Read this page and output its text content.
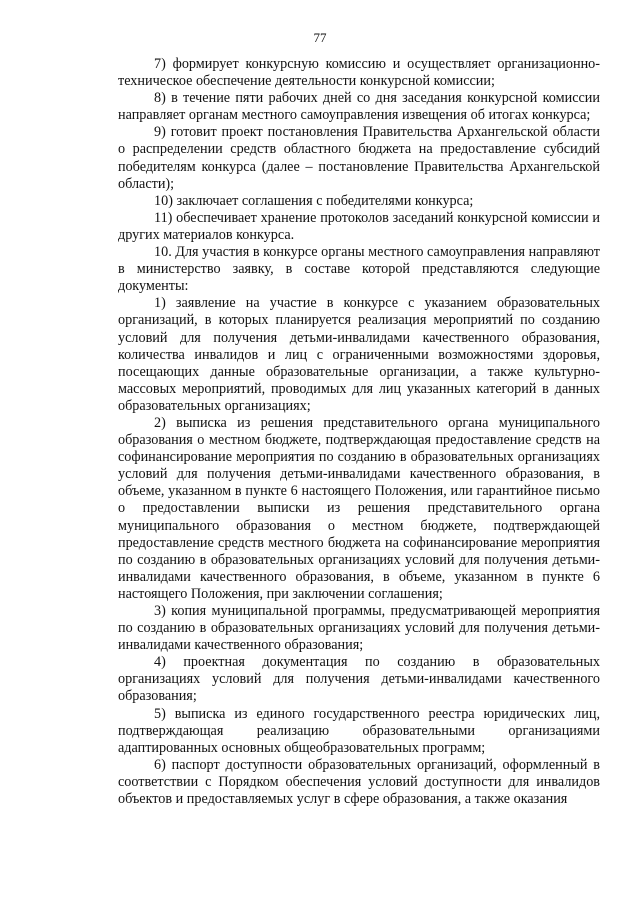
77

7) формирует конкурсную комиссию и осуществляет организационно-техническое обеспечение деятельности конкурсной комиссии;

8) в течение пяти рабочих дней со дня заседания конкурсной комиссии направляет органам местного самоуправления извещения об итогах конкурса;

9) готовит проект постановления Правительства Архангельской области о распределении средств областного бюджета на предоставление субсидий победителям конкурса (далее – постановление Правительства Архангельской области);

10) заключает соглашения с победителями конкурса;

11) обеспечивает хранение протоколов заседаний конкурсной комиссии и других материалов конкурса.

10. Для участия в конкурсе органы местного самоуправления направляют в министерство заявку, в составе которой представляются следующие документы:

1) заявление на участие в конкурсе с указанием образовательных организаций, в которых планируется реализация мероприятий по созданию условий для получения детьми-инвалидами качественного образования, количества инвалидов и лиц с ограниченными возможностями здоровья, посещающих данные образовательные организации, а также культурно-массовых мероприятий, проводимых для лиц указанных категорий в данных образовательных организациях;

2) выписка из решения представительного органа муниципального образования о местном бюджете, подтверждающая предоставление средств на софинансирование мероприятия по созданию в образовательных организациях условий для получения детьми-инвалидами качественного образования, в объеме, указанном в пункте 6 настоящего Положения, или гарантийное письмо о предоставлении выписки из решения представительного органа муниципального образования о местном бюджете, подтверждающей предоставление средств местного бюджета на софинансирование мероприятия по созданию в образовательных организациях условий для получения детьми-инвалидами качественного образования, в объеме, указанном в пункте 6 настоящего Положения, при заключении соглашения;

3) копия муниципальной программы, предусматривающей мероприятия по созданию в образовательных организациях условий для получения детьми-инвалидами качественного образования;

4) проектная документация по созданию в образовательных организациях условий для получения детьми-инвалидами качественного образования;

5) выписка из единого государственного реестра юридических лиц, подтверждающая реализацию образовательными организациями адаптированных основных общеобразовательных программ;

6) паспорт доступности образовательных организаций, оформленный в соответствии с Порядком обеспечения условий доступности для инвалидов объектов и предоставляемых услуг в сфере образования, а также оказания
